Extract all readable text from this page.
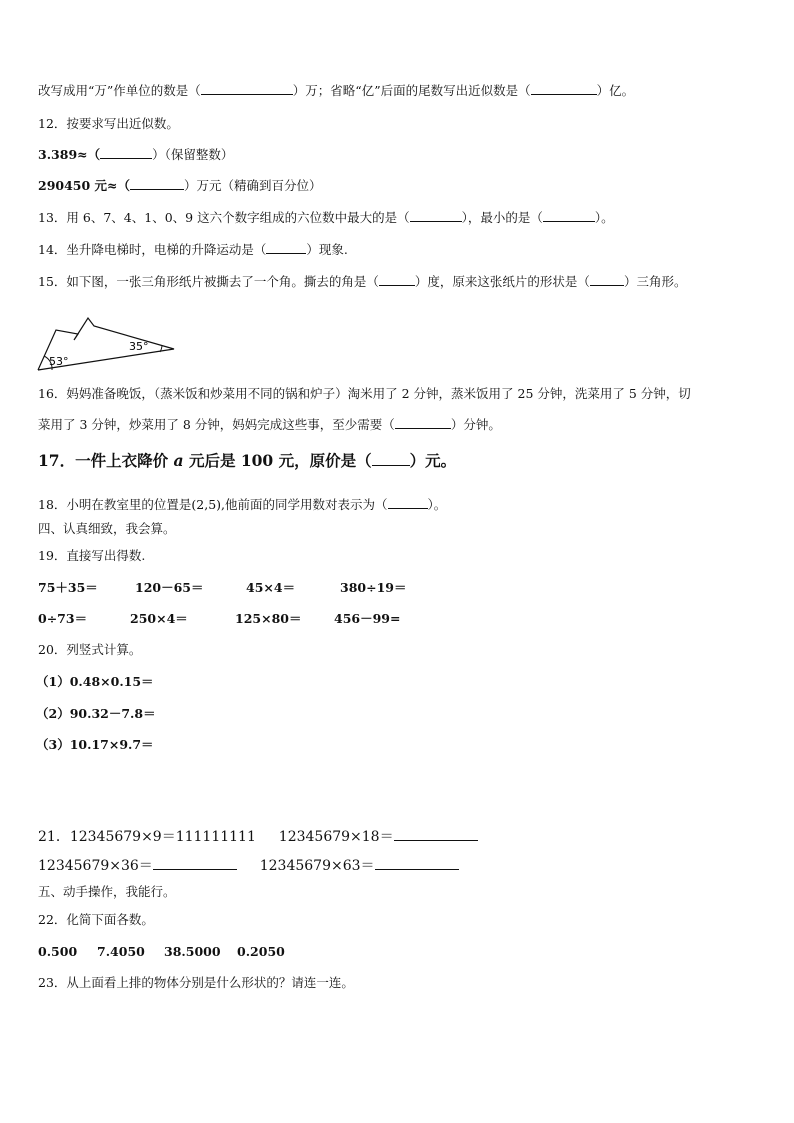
改写成用“万”作单位的数是（	）万；省略“亿”后面的尾数写出近似数是（	）亿。
12．按要求写出近似数。
3.389≈（	）（保留整数）
290450 元≈（	）万元（精确到百分位）
13．用 6、7、4、1、0、9 这六个数字组成的六位数中最大的是（	），最小的是（	）。
14．坐升降电梯时，电梯的升降运动是（	）现象.
15．如下图，一张三角形纸片被撕去了一个角。撕去的角是（	）度，原来这张纸片的形状是（	）三角形。
53°
35°
16．妈妈准备晚饭，（蒸米饭和炒菜用不同的锅和炉子）淘米用了 2 分钟，蒸米饭用了 25 分钟，洗菜用了 5 分钟，切
菜用了 3 分钟，炒菜用了 8 分钟，妈妈完成这些事，至少需要（	）分钟。
17．一件上衣降价 a 元后是 100 元，原价是（ ）元。
18．小明在教室里的位置是(2,5),他前面的同学用数对表示为（	）。
四、认真细致，我会算。
19．直接写出得数.
75＋35＝	120－65＝	45×4＝	380÷19＝
0÷73＝	250×4＝	125×80＝	456－99=
20．列竖式计算。
（1）0.48×0.15＝
（2）90.32－7.8＝
（3）10.17×9.7＝
21．12345679×9＝111111111 12345679×18＝
12345679×36＝	12345679×63＝
五、动手操作，我能行。
22．化简下面各数。
0.500 7.4050 38.5000 0.2050
23．从上面看上排的物体分别是什么形状的？请连一连。
